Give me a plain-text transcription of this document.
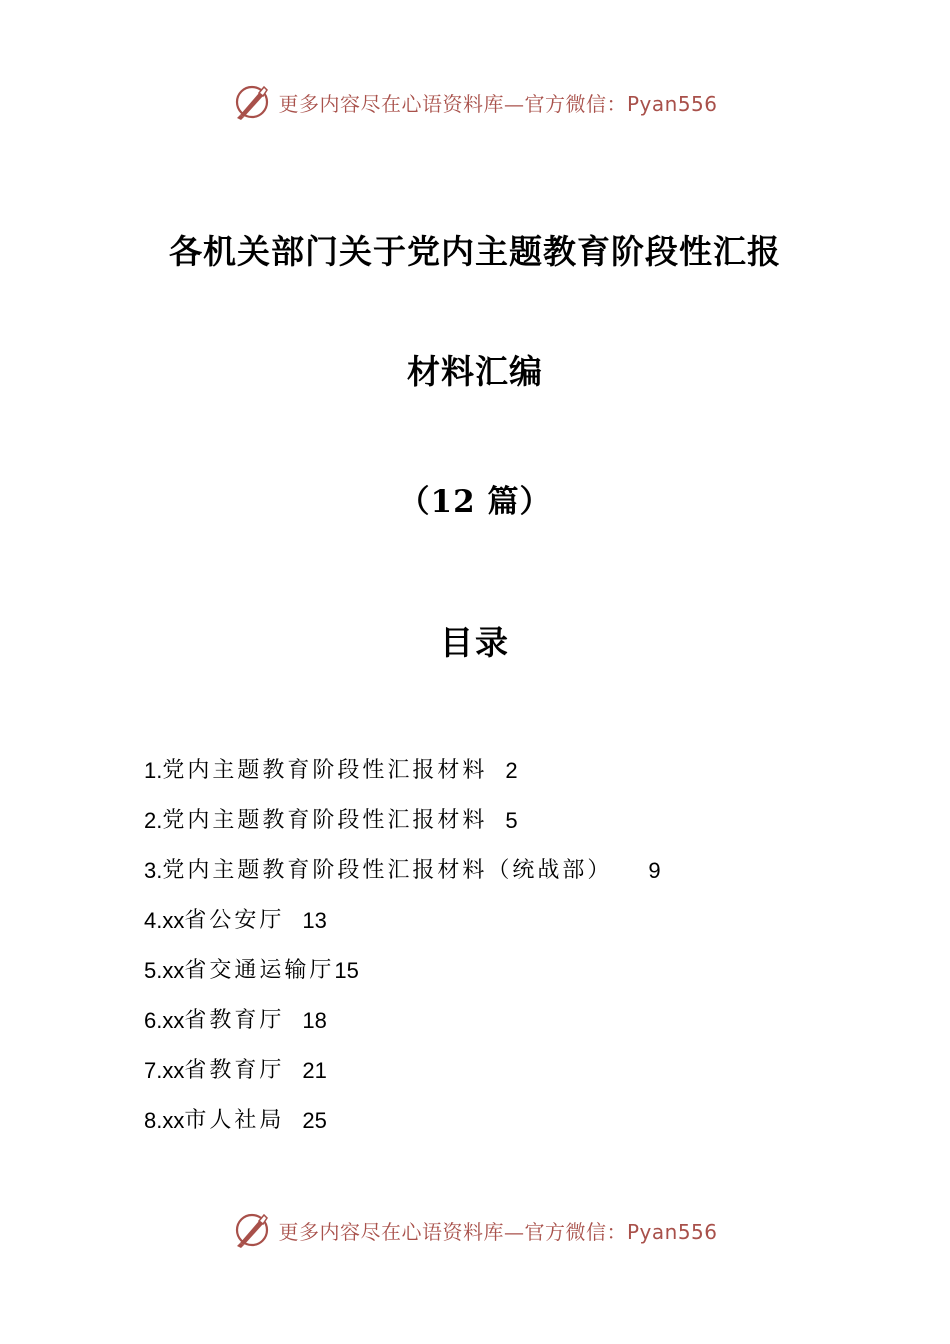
更多内容尽在心语资料库—官方微信：Pyan556
各机关部门关于党内主题教育阶段性汇报
材料汇编
（12 篇）
目录
1. 党内主题教育阶段性汇报材料 2
2. 党内主题教育阶段性汇报材料 5
3. 党内主题教育阶段性汇报材料（统战部） 9
4.xx 省公安厅 13
5.xx 省交通运输厅 15
6.xx 省教育厅 18
7.xx 省教育厅 21
8.xx 市人社局 25
更多内容尽在心语资料库—官方微信：Pyan556
